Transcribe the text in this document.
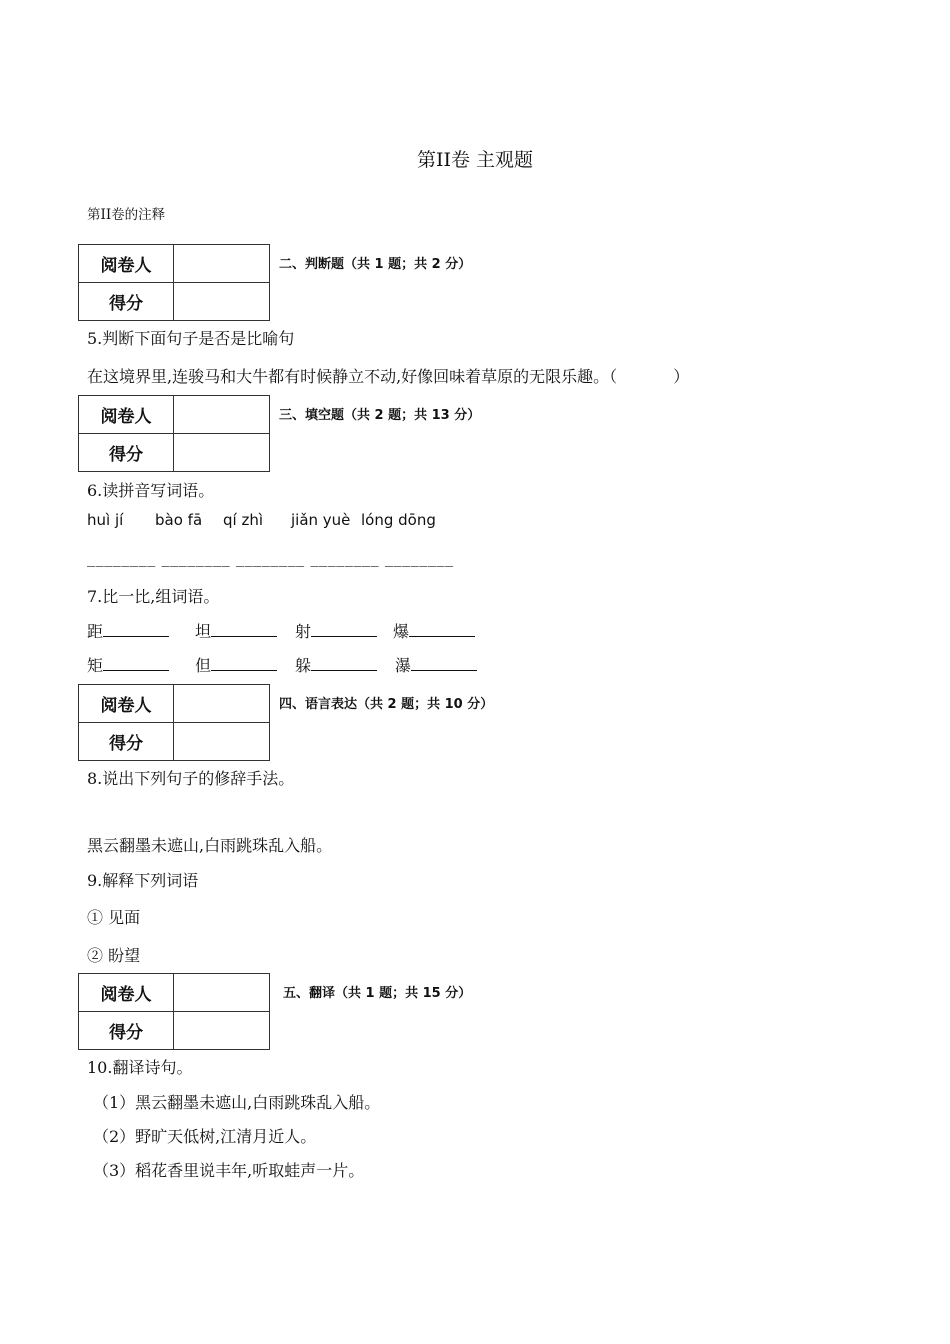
第II卷 主观题
第II卷的注释
阅卷人	
得分	
二、判断题（共 1 题；共 2 分）
5.判断下面句子是否是比喻句
在这境界里,连骏马和大牛都有时候静立不动,好像回味着草原的无限乐趣。（	）
阅卷人	
得分	
三、填空题（共 2 题；共 13 分）
6.读拼音写词语。
huì jí bào fā qí zhì jiǎn yuè lóng dōng
________ ________ ________ ________ ________
7.比一比,组词语。
距	坦	射	爆
矩	但	躲	瀑
阅卷人	
得分	
四、语言表达（共 2 题；共 10 分）
8.说出下列句子的修辞手法。
黑云翻墨未遮山,白雨跳珠乱入船。
9.解释下列词语
① 见面
② 盼望
阅卷人	
得分	
五、翻译（共 1 题；共 15 分）
10.翻译诗句。
（1）黑云翻墨未遮山,白雨跳珠乱入船。
（2）野旷天低树,江清月近人。
（3）稻花香里说丰年,听取蛙声一片。
